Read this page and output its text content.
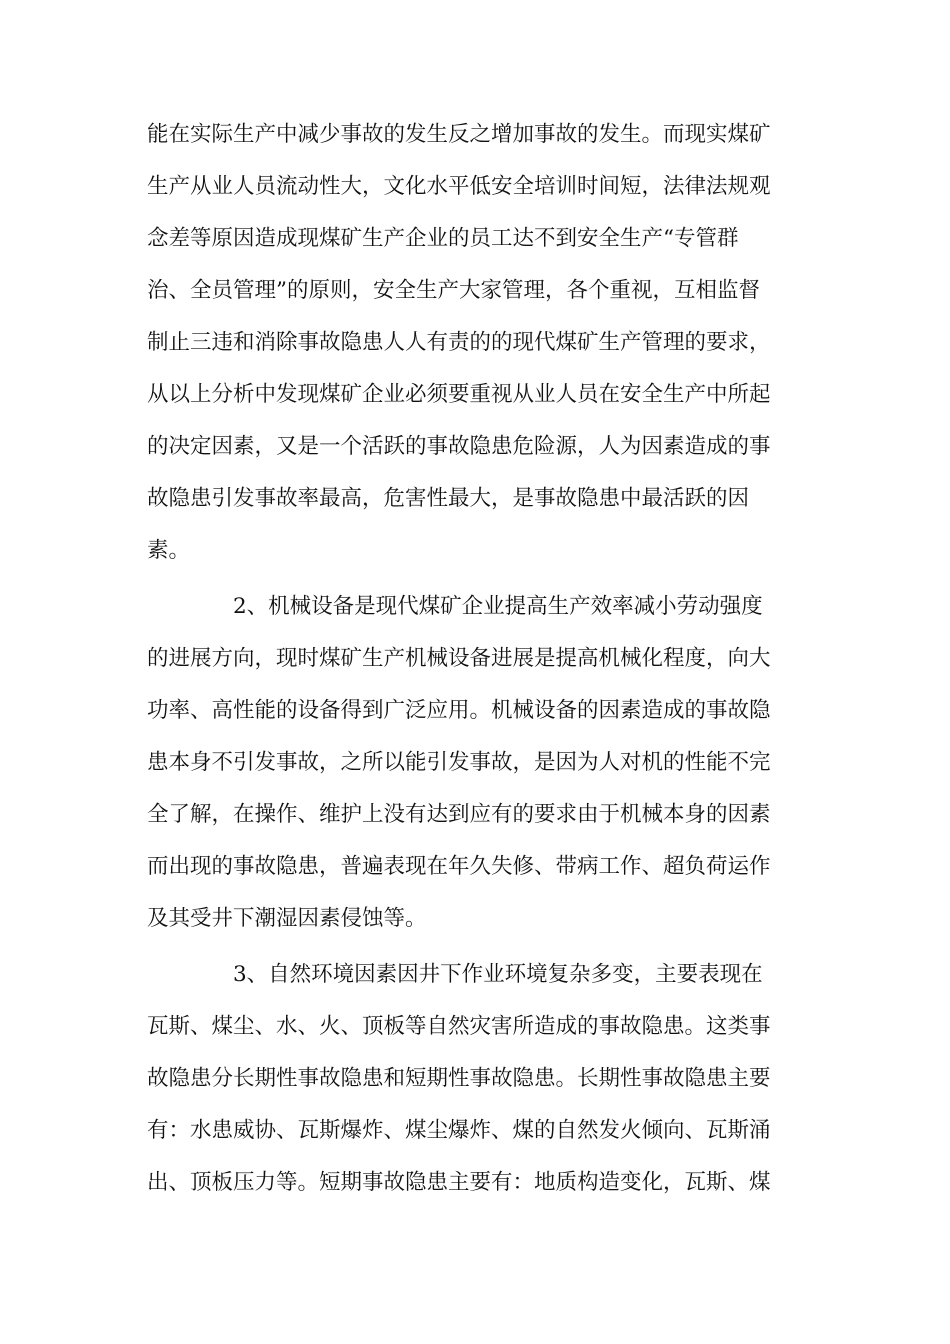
能在实际生产中减少事故的发生反之增加事故的发生。而现实煤矿
生产从业人员流动性大，文化水平低安全培训时间短，法律法规观
念差等原因造成现煤矿生产企业的员工达不到安全生产“专管群
治、全员管理”的原则，安全生产大家管理，各个重视，互相监督
制止三违和消除事故隐患人人有责的的现代煤矿生产管理的要求，
从以上分析中发现煤矿企业必须要重视从业人员在安全生产中所起
的决定因素，又是一个活跃的事故隐患危险源，人为因素造成的事
故隐患引发事故率最高，危害性最大，是事故隐患中最活跃的因
素。
2、机械设备是现代煤矿企业提高生产效率减小劳动强度
的进展方向，现时煤矿生产机械设备进展是提高机械化程度，向大
功率、高性能的设备得到广泛应用。机械设备的因素造成的事故隐
患本身不引发事故，之所以能引发事故，是因为人对机的性能不完
全了解，在操作、维护上没有达到应有的要求由于机械本身的因素
而出现的事故隐患，普遍表现在年久失修、带病工作、超负荷运作
及其受井下潮湿因素侵蚀等。
3、自然环境因素因井下作业环境复杂多变，主要表现在
瓦斯、煤尘、水、火、顶板等自然灾害所造成的事故隐患。这类事
故隐患分长期性事故隐患和短期性事故隐患。长期性事故隐患主要
有：水患威协、瓦斯爆炸、煤尘爆炸、煤的自然发火倾向、瓦斯涌
出、顶板压力等。短期事故隐患主要有：地质构造变化，瓦斯、煤
